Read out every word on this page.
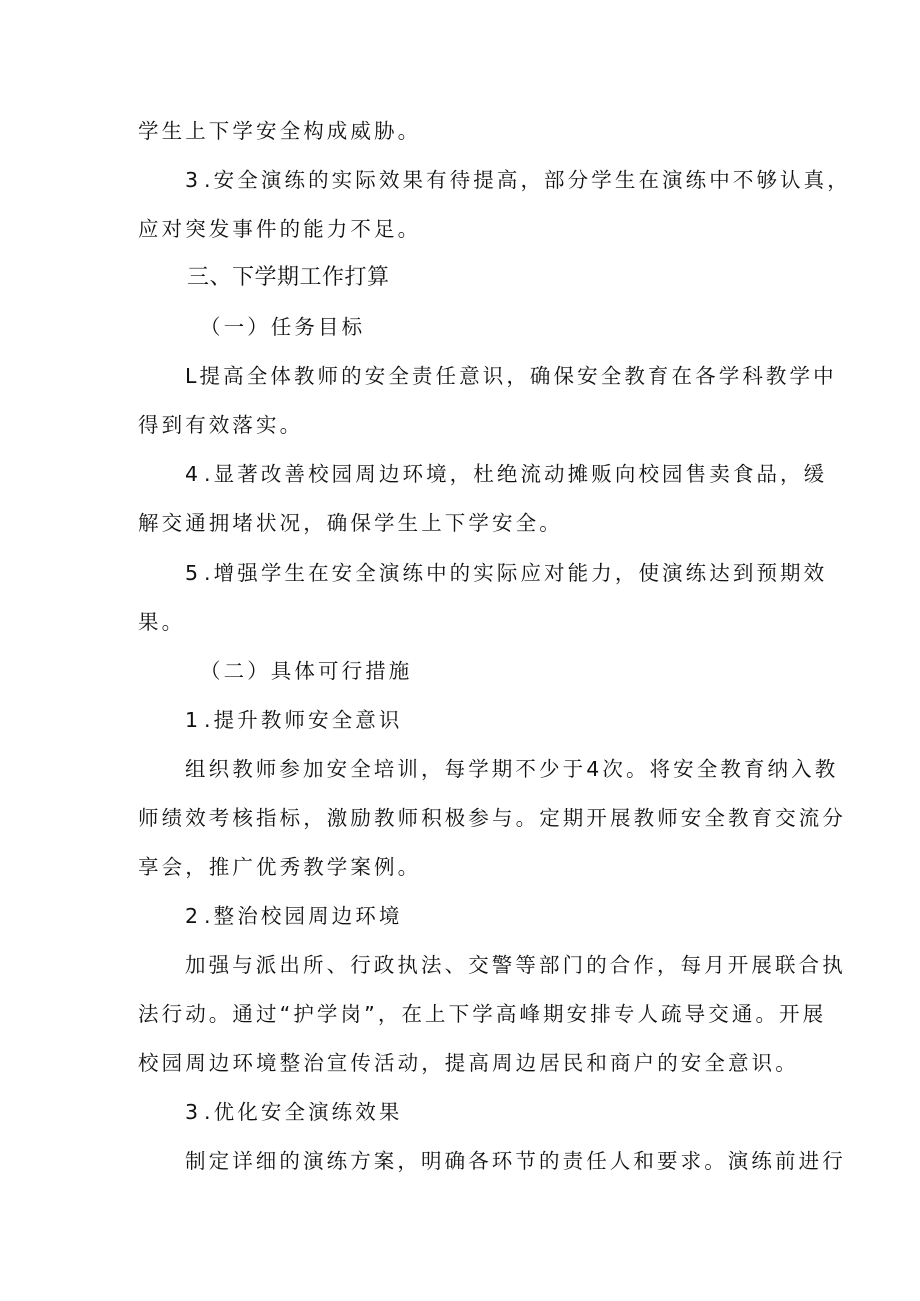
学生上下学安全构成威胁。

3 .安全演练的实际效果有待提高，部分学生在演练中不够认真，

应对突发事件的能力不足。

三、下学期工作打算

（一）任务目标

L提高全体教师的安全责任意识，确保安全教育在各学科教学中

得到有效落实。

4 .显著改善校园周边环境，杜绝流动摊贩向校园售卖食品，缓

解交通拥堵状况，确保学生上下学安全。

5 .增强学生在安全演练中的实际应对能力，使演练达到预期效

果。

（二）具体可行措施

1 .提升教师安全意识

组织教师参加安全培训，每学期不少于4次。将安全教育纳入教

师绩效考核指标，激励教师积极参与。定期开展教师安全教育交流分

享会，推广优秀教学案例。

2 .整治校园周边环境

加强与派出所、行政执法、交警等部门的合作，每月开展联合执

法行动。通过“护学岗”，在上下学高峰期安排专人疏导交通。开展

校园周边环境整治宣传活动，提高周边居民和商户的安全意识。

3 .优化安全演练效果

制定详细的演练方案，明确各环节的责任人和要求。演练前进行
